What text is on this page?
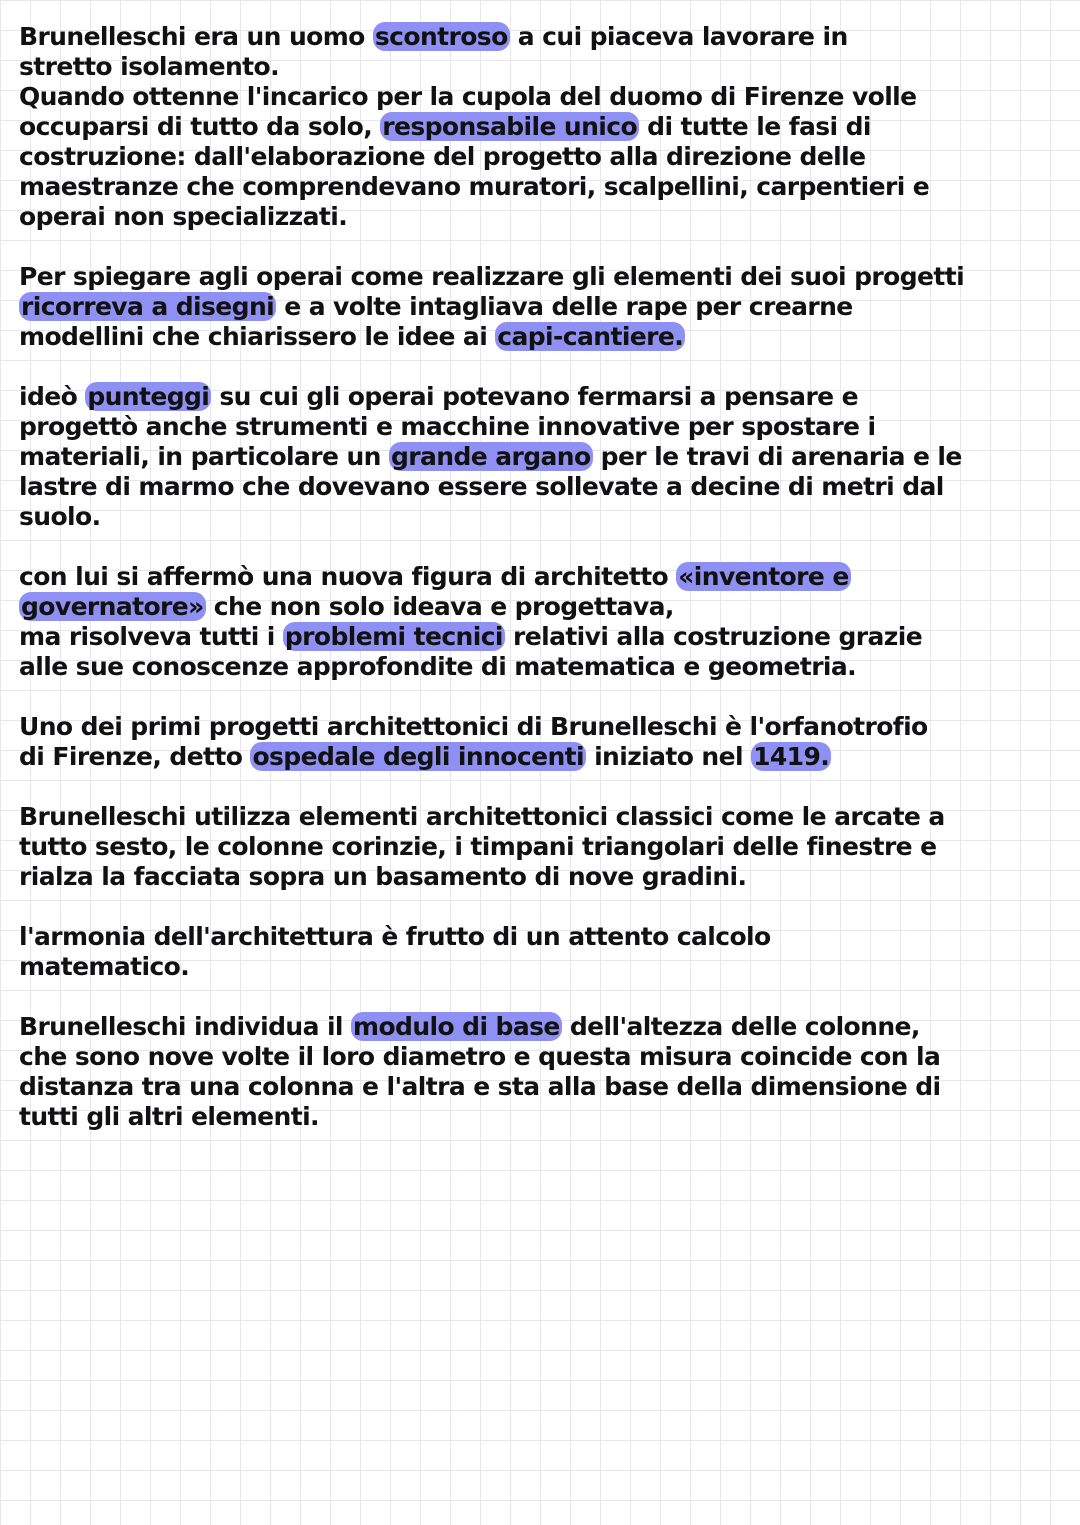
Brunelleschi era un uomo scontroso a cui piaceva lavorare in
stretto isolamento.
Quando ottenne l'incarico per la cupola del duomo di Firenze volle
occuparsi di tutto da solo, responsabile unico di tutte le fasi di
costruzione: dall'elaborazione del progetto alla direzione delle
maestranze che comprendevano muratori, scalpellini, carpentieri e
operai non specializzati.

Per spiegare agli operai come realizzare gli elementi dei suoi progetti
ricorreva a disegni e a volte intagliava delle rape per crearne
modellini che chiarissero le idee ai capi-cantiere.

ideò punteggi su cui gli operai potevano fermarsi a pensare e
progettò anche strumenti e macchine innovative per spostare i
materiali, in particolare un grande argano per le travi di arenaria e le
lastre di marmo che dovevano essere sollevate a decine di metri dal
suolo.

con lui si affermò una nuova figura di architetto «inventore e
governatore» che non solo ideava e progettava,
ma risolveva tutti i problemi tecnici relativi alla costruzione grazie
alle sue conoscenze approfondite di matematica e geometria.

Uno dei primi progetti architettonici di Brunelleschi è l'orfanotrofio
di Firenze, detto ospedale degli innocenti iniziato nel 1419.

Brunelleschi utilizza elementi architettonici classici come le arcate a
tutto sesto, le colonne corinzie, i timpani triangolari delle finestre e
rialza la facciata sopra un basamento di nove gradini.

l'armonia dell'architettura è frutto di un attento calcolo
matematico.

Brunelleschi individua il modulo di base dell'altezza delle colonne,
che sono nove volte il loro diametro e questa misura coincide con la
distanza tra una colonna e l'altra e sta alla base della dimensione di
tutti gli altri elementi.
